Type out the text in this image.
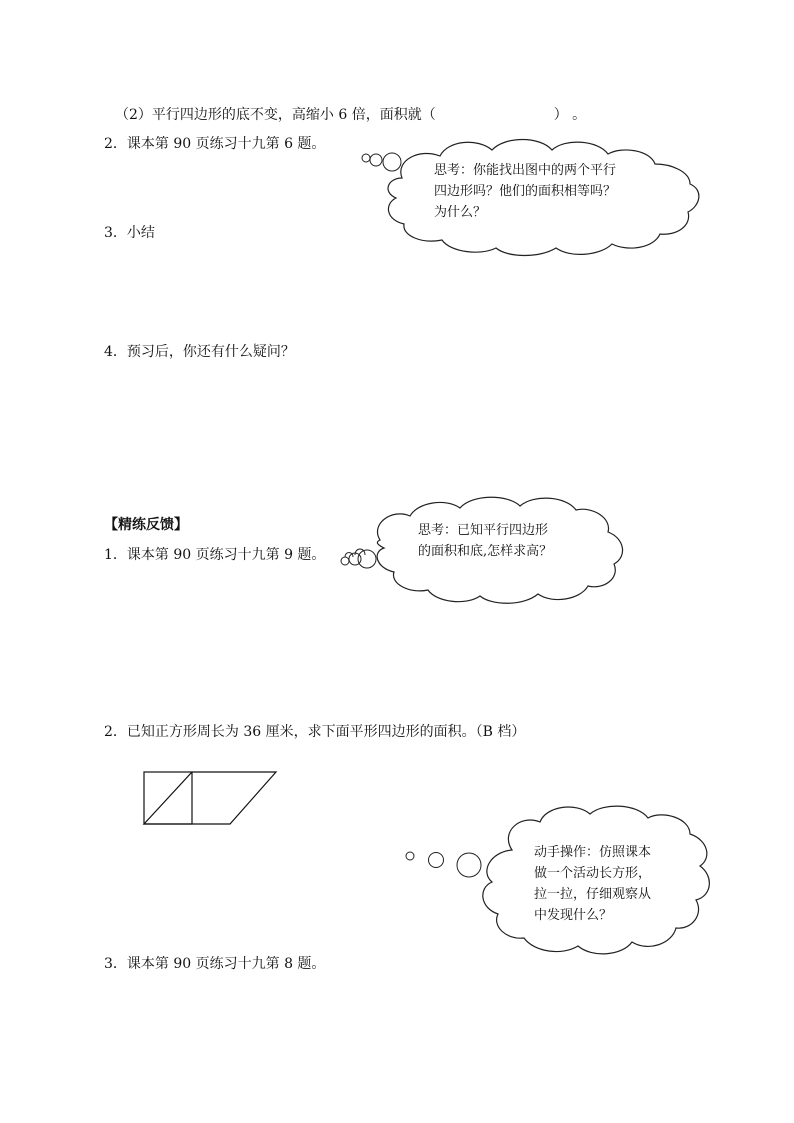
（2）平行四边形的底不变，高缩小 6 倍，面积就（	） 。
2．课本第 90 页练习十九第 6 题。
3．小结
4．预习后，你还有什么疑问？
【精练反馈】
1．课本第 90 页练习十九第 9 题。
2．已知正方形周长为 36 厘米，求下面平形四边形的面积。（B 档）
3．课本第 90 页练习十九第 8 题。
思考：你能找出图中的两个平行
四边形吗？他们的面积相等吗？
为什么？
思考：已知平行四边形
的面积和底,怎样求高？
动手操作：仿照课本
做一个活动长方形，
拉一拉，仔细观察从
中发现什么？
